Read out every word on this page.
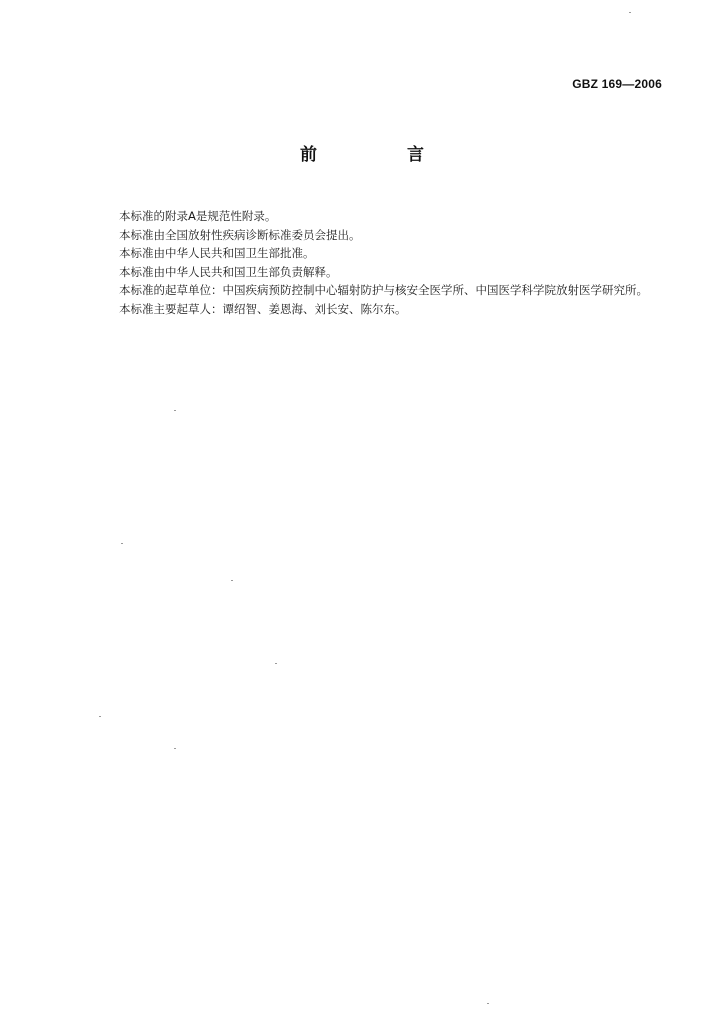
GBZ 169—2006
前 言

本标准的附录A是规范性附录。

本标准由全国放射性疾病诊断标准委员会提出。

本标准由中华人民共和国卫生部批准。

本标准由中华人民共和国卫生部负责解释。

本标准的起草单位：中国疾病预防控制中心辐射防护与核安全医学所、中国医学科学院放射医学研究所。

本标准主要起草人：谭绍智、姜恩海、刘长安、陈尔东。
